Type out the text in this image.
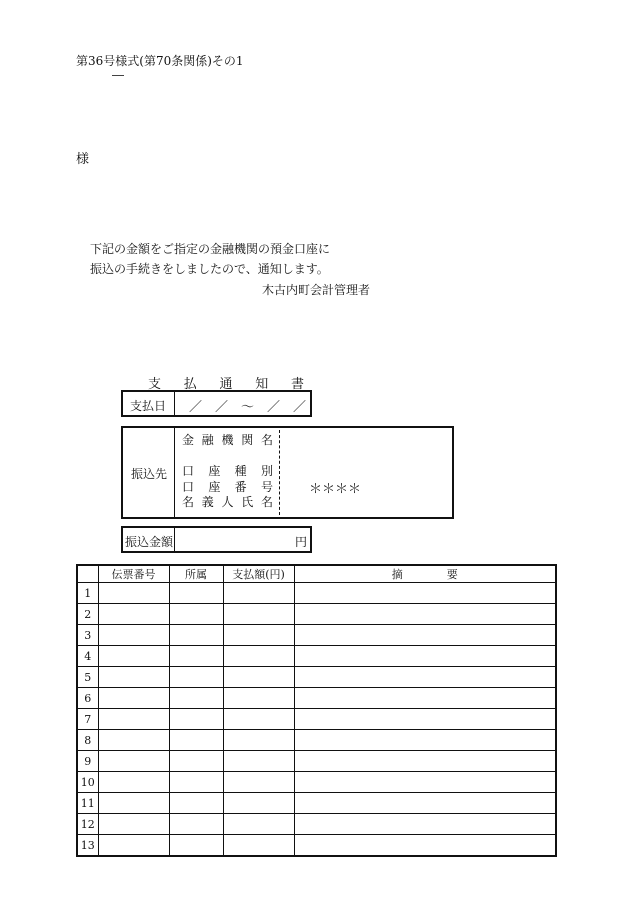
第36号様式(第70条関係)その1
―
様
下記の金額をご指定の金融機関の預金口座に
振込の手続きをしましたので、通知します。
木古内町会計管理者
支 払 通 知 書
支払日 ／　／　～　／　／
振込先
金 融 機 関 名
口 座 種 別
口 座 番 号
名 義 人 氏 名
＊＊＊＊
振込金額	円
	伝票番号	所属	支払額(円)	摘　　　　要
1				
2				
3				
4				
5				
6				
7				
8				
9				
10				
11				
12				
13				
